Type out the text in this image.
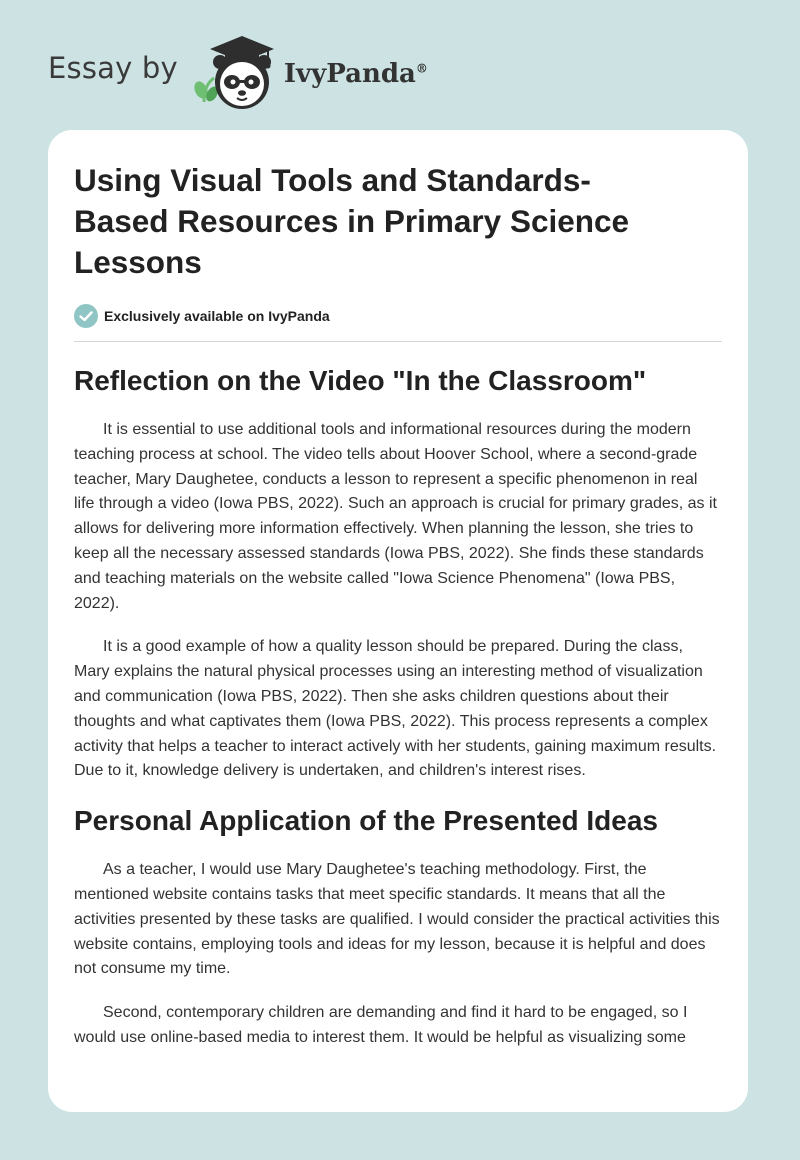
Essay by	IvyPanda®
Using Visual Tools and Standards-Based Resources in Primary Science Lessons
Exclusively available on IvyPanda
Reflection on the Video "In the Classroom"

It is essential to use additional tools and informational resources during the modern teaching process at school. The video tells about Hoover School, where a second-grade teacher, Mary Daughetee, conducts a lesson to represent a specific phenomenon in real life through a video (Iowa PBS, 2022). Such an approach is crucial for primary grades, as it allows for delivering more information effectively. When planning the lesson, she tries to keep all the necessary assessed standards (Iowa PBS, 2022). She finds these standards and teaching materials on the website called "Iowa Science Phenomena" (Iowa PBS, 2022).

It is a good example of how a quality lesson should be prepared. During the class, Mary explains the natural physical processes using an interesting method of visualization and communication (Iowa PBS, 2022). Then she asks children questions about their thoughts and what captivates them (Iowa PBS, 2022). This process represents a complex activity that helps a teacher to interact actively with her students, gaining maximum results. Due to it, knowledge delivery is undertaken, and children's interest rises.

Personal Application of the Presented Ideas

As a teacher, I would use Mary Daughetee's teaching methodology. First, the mentioned website contains tasks that meet specific standards. It means that all the activities presented by these tasks are qualified. I would consider the practical activities this website contains, employing tools and ideas for my lesson, because it is helpful and does not consume my time.

Second, contemporary children are demanding and find it hard to be engaged, so I would use online-based media to interest them. It would be helpful as visualizing some
